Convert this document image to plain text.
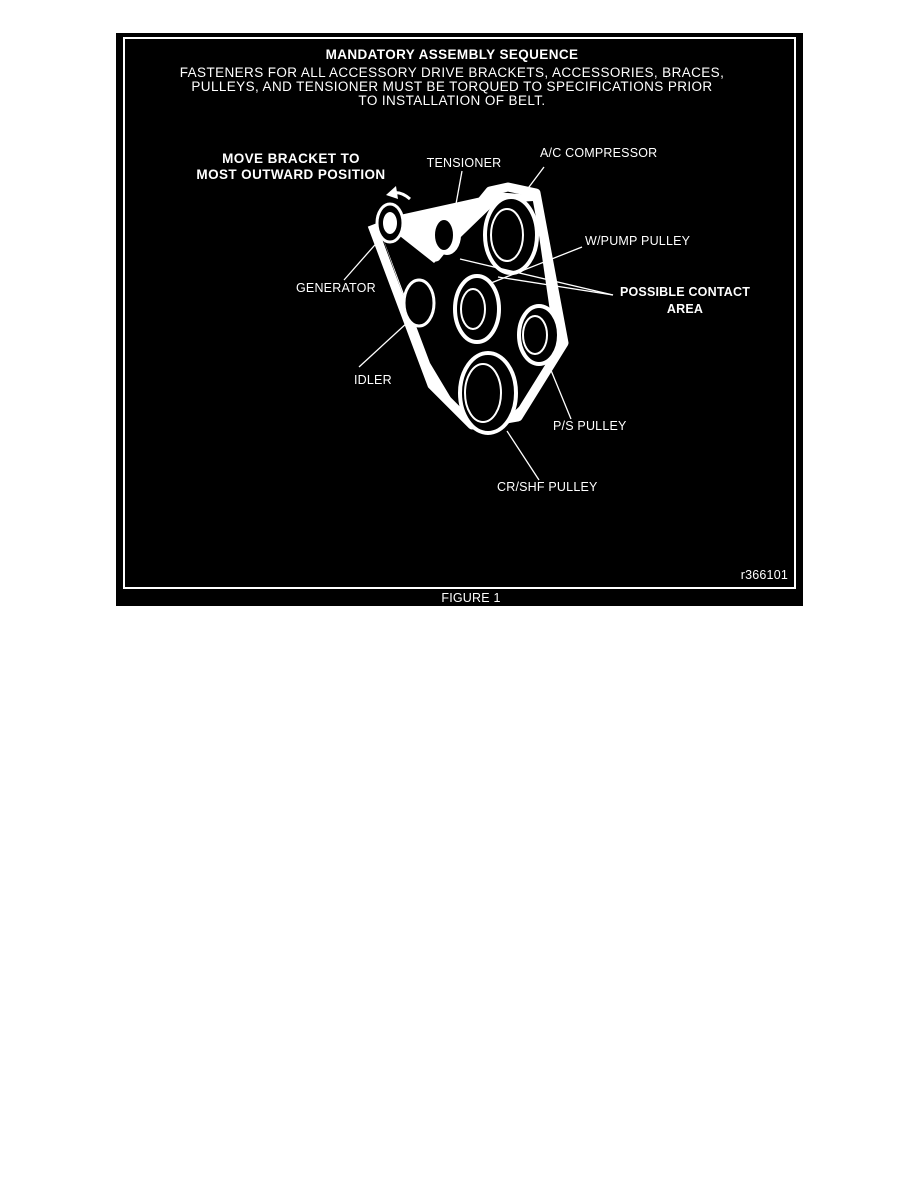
MANDATORY ASSEMBLY SEQUENCE
FASTENERS FOR ALL ACCESSORY DRIVE BRACKETS, ACCESSORIES, BRACES,
PULLEYS, AND TENSIONER MUST BE TORQUED TO SPECIFICATIONS PRIOR
TO INSTALLATION OF BELT.
MOVE BRACKET TO
MOST OUTWARD POSITION
TENSIONER
A/C COMPRESSOR
W/PUMP PULLEY
GENERATOR	POSSIBLE CONTACT
AREA
IDLER
P/S PULLEY
CR/SHF PULLEY
r366101
FIGURE 1
